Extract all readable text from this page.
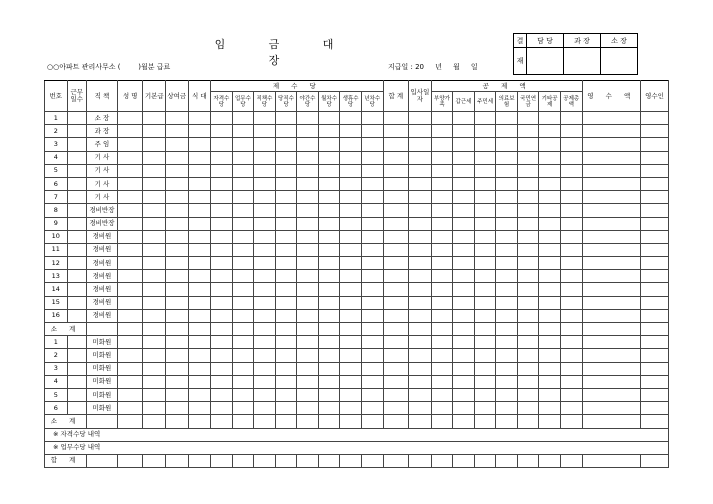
임 금 대 장
결	담 당	과 장	소 장
재			
○○아파트 관리사무소 (        )월분 급료	지급일 : 20     년     월     일
번호	근무일수	직 책	성 명	기본급	상여금	식 대	제 수 당								합 계	입사일자	공 제 액							영 수 액	영수인
							자격수당	업무수당	직책수당	당직수당	야간수당	월차수당	생휴수당	년차수당			부양가족	갑근세	주민세	의료보험	국민연금	기타공제	공제총액		
1		소 장																							
2		과 장																							
3		주 임																							
4		기 사																							
5		기 사																							
6		기 사																							
7		기 사																							
8		경비반장																							
9		경비반장																							
10		경비원																							
11		경비원																							
12		경비원																							
13		경비원																							
14		경비원																							
15		경비원																							
16		경비원																							
소 계																									
1		미화원																							
2		미화원																							
3		미화원																							
4		미화원																							
5		미화원																							
6		미화원																							
소 계																									
※ 자격수당 내역																									
※ 업무수당 내역																									
합 계																									
